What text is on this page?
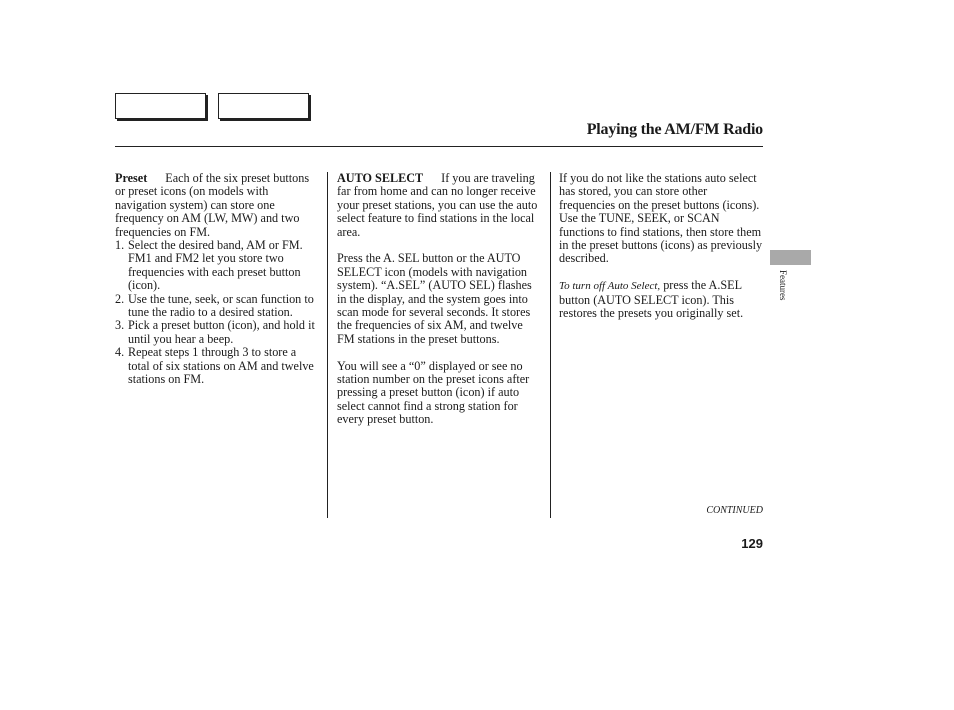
Playing the AM/FM Radio

Preset Each of the six preset buttons or preset icons (on models with navigation system) can store one frequency on AM (LW, MW) and two frequencies on FM.

1. Select the desired band, AM or FM. FM1 and FM2 let you store two frequencies with each preset button (icon).
2. Use the tune, seek, or scan function to tune the radio to a desired station.
3. Pick a preset button (icon), and hold it until you hear a beep.
4. Repeat steps 1 through 3 to store a total of six stations on AM and twelve stations on FM.

AUTO SELECT If you are traveling far from home and can no longer receive your preset stations, you can use the auto select feature to find stations in the local area.

Press the A. SEL button or the AUTO SELECT icon (models with navigation system). “A.SEL” (AUTO SEL) flashes in the display, and the system goes into scan mode for several seconds. It stores the frequencies of six AM, and twelve FM stations in the preset buttons.

You will see a “0” displayed or see no station number on the preset icons after pressing a preset button (icon) if auto select cannot find a strong station for every preset button.

If you do not like the stations auto select has stored, you can store other frequencies on the preset buttons (icons). Use the TUNE, SEEK, or SCAN functions to find stations, then store them in the preset buttons (icons) as previously described.

To turn off Auto Select, press the A.SEL button (AUTO SELECT icon). This restores the presets you originally set.

CONTINUED
129
Features
